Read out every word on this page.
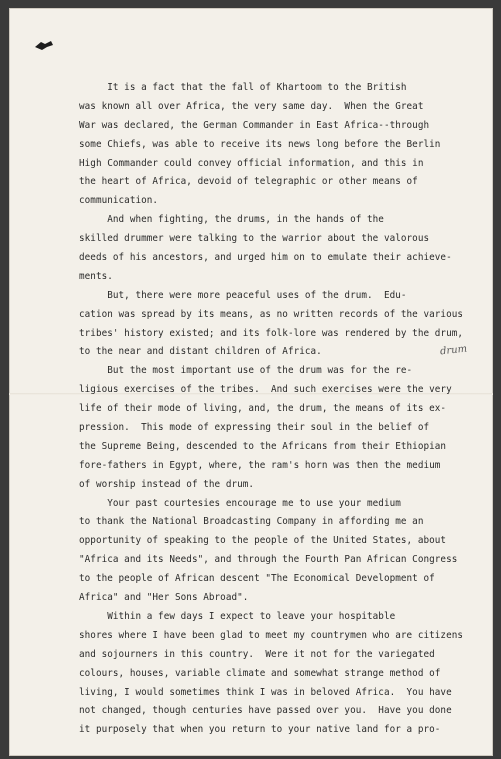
It is a fact that the fall of Khartoom to the British
was known all over Africa, the very same day.  When the Great
War was declared, the German Commander in East Africa--through
some Chiefs, was able to receive its news long before the Berlin
High Commander could convey official information, and this in
the heart of Africa, devoid of telegraphic or other means of
communication.
And when fighting, the drums, in the hands of the
skilled drummer were talking to the warrior about the valorous
deeds of his ancestors, and urged him on to emulate their achieve-
ments.
But, there were more peaceful uses of the drum.  Edu-
cation was spread by its means, as no written records of the various
tribes' history existed; and its folk-lore was rendered by the drum,
to the near and distant children of Africa.
But the most important use of the drum was for the re-
ligious exercises of the tribes.  And such exercises were the very
life of their mode of living, and, the drum, the means of its ex-
pression.  This mode of expressing their soul in the belief of
the Supreme Being, descended to the Africans from their Ethiopian
fore-fathers in Egypt, where, the ram's horn was then the medium
of worship instead of the drum.
Your past courtesies encourage me to use your medium
to thank the National Broadcasting Company in affording me an
opportunity of speaking to the people of the United States, about
"Africa and its Needs", and through the Fourth Pan African Congress
to the people of African descent "The Economical Development of
Africa" and "Her Sons Abroad".
Within a few days I expect to leave your hospitable
shores where I have been glad to meet my countrymen who are citizens
and sojourners in this country.  Were it not for the variegated
colours, houses, variable climate and somewhat strange method of
living, I would sometimes think I was in beloved Africa.  You have
not changed, though centuries have passed over you.  Have you done
it purposely that when you return to your native land for a pro-
drum
